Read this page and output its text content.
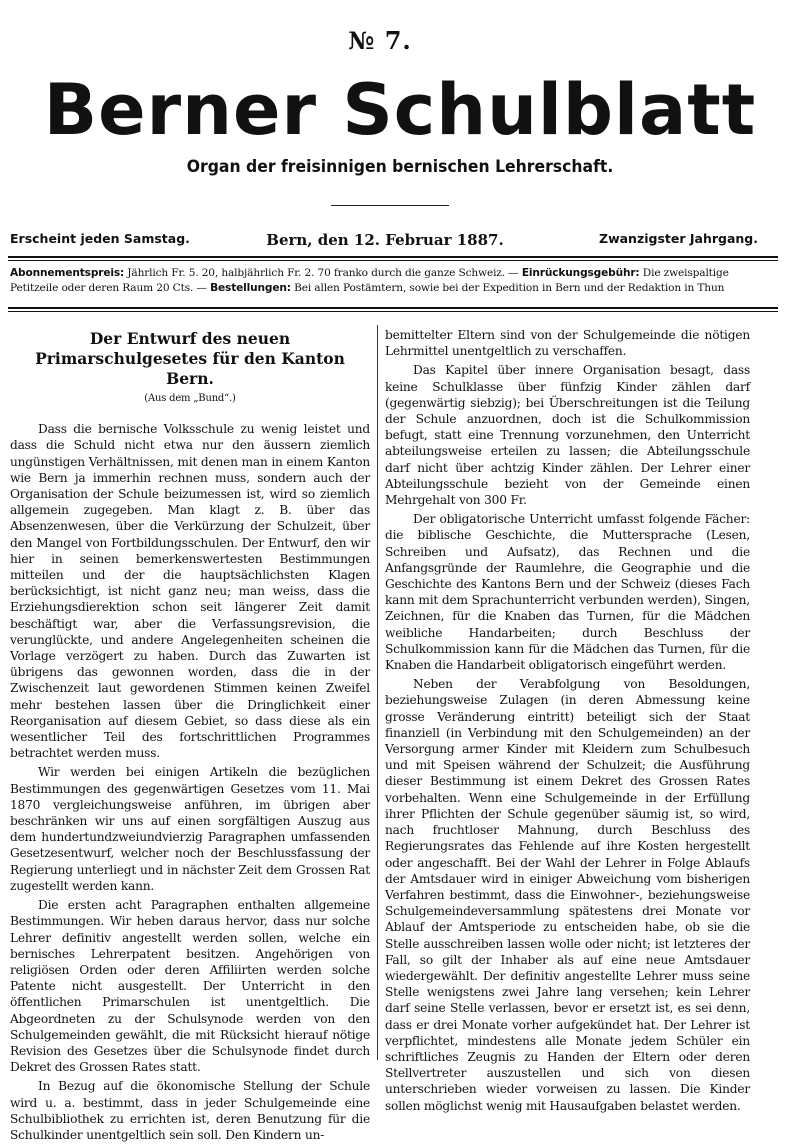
№ 7.
Berner Schulblatt
Organ der freisinnigen bernischen Lehrerschaft.
Erscheint jeden Samstag.	Bern, den 12. Februar 1887.	Zwanzigster Jahrgang.
Abonnementspreis: Jährlich Fr. 5. 20, halbjährlich Fr. 2. 70 franko durch die ganze Schweiz. — Einrückungsgebühr: Die zweispaltige
Petitzeile oder deren Raum 20 Cts. — Bestellungen: Bei allen Postämtern, sowie bei der Expedition in Bern und der Redaktion in Thun
Der Entwurf des neuen Primarschulgesetes für den Kanton Bern.
(Aus dem „Bund“.)

Dass die bernische Volksschule zu wenig leistet und dass die Schuld nicht etwa nur den äussern ziemlich ungünstigen Verhältnissen, mit denen man in einem Kanton wie Bern ja immerhin rechnen muss, sondern auch der Organisation der Schule beizumessen ist, wird so ziemlich allgemein zugegeben. Man klagt z. B. über das Absenzenwesen, über die Verkürzung der Schulzeit, über den Mangel von Fortbildungsschulen. Der Entwurf, den wir hier in seinen bemerkenswertesten Bestimmungen mitteilen und der die hauptsächlichsten Klagen berücksichtigt, ist nicht ganz neu; man weiss, dass die Erziehungsdierektion schon seit längerer Zeit damit beschäftigt war, aber die Verfassungsrevision, die verunglückte, und andere Angelegenheiten scheinen die Vorlage verzögert zu haben. Durch das Zuwarten ist übrigens das gewonnen worden, dass die in der Zwischenzeit laut gewordenen Stimmen keinen Zweifel mehr bestehen lassen über die Dringlichkeit einer Reorganisation auf diesem Gebiet, so dass diese als ein wesentlicher Teil des fortschrittlichen Programmes betrachtet werden muss.

Wir werden bei einigen Artikeln die bezüglichen Bestimmungen des gegenwärtigen Gesetzes vom 11. Mai 1870 vergleichungsweise anführen, im übrigen aber beschränken wir uns auf einen sorgfältigen Auszug aus dem hundertundzweiundvierzig Paragraphen umfassenden Gesetzesentwurf, welcher noch der Beschlussfassung der Regierung unterliegt und in nächster Zeit dem Grossen Rat zugestellt werden kann.

Die ersten acht Paragraphen enthalten allgemeine Bestimmungen. Wir heben daraus hervor, dass nur solche Lehrer definitiv angestellt werden sollen, welche ein bernisches Lehrerpatent besitzen. Angehörigen von religiösen Orden oder deren Affiliirten werden solche Patente nicht ausgestellt. Der Unterricht in den öffentlichen Primarschulen ist unentgeltlich. Die Abgeordneten zu der Schulsynode werden von den Schulgemeinden gewählt, die mit Rücksicht hierauf nötige Revision des Gesetzes über die Schulsynode findet durch Dekret des Grossen Rates statt.

In Bezug auf die ökonomische Stellung der Schule wird u. a. bestimmt, dass in jeder Schulgemeinde eine Schulbibliothek zu errichten ist, deren Benutzung für die Schulkinder unentgeltlich sein soll. Den Kindern un-

bemittelter Eltern sind von der Schulgemeinde die nötigen Lehrmittel unentgeltlich zu verschaffen.

Das Kapitel über innere Organisation besagt, dass keine Schulklasse über fünfzig Kinder zählen darf (gegenwärtig siebzig); bei Überschreitungen ist die Teilung der Schule anzuordnen, doch ist die Schulkommission befugt, statt eine Trennung vorzunehmen, den Unterricht abteilungsweise erteilen zu lassen; die Abteilungsschule darf nicht über achtzig Kinder zählen. Der Lehrer einer Abteilungsschule bezieht von der Gemeinde einen Mehrgehalt von 300 Fr.

Der obligatorische Unterricht umfasst folgende Fächer: die biblische Geschichte, die Muttersprache (Lesen, Schreiben und Aufsatz), das Rechnen und die Anfangsgründe der Raumlehre, die Geographie und die Geschichte des Kantons Bern und der Schweiz (dieses Fach kann mit dem Sprachunterricht verbunden werden), Singen, Zeichnen, für die Knaben das Turnen, für die Mädchen weibliche Handarbeiten; durch Beschluss der Schulkommission kann für die Mädchen das Turnen, für die Knaben die Handarbeit obligatorisch eingeführt werden.

Neben der Verabfolgung von Besoldungen, beziehungsweise Zulagen (in deren Abmessung keine grosse Veränderung eintritt) beteiligt sich der Staat finanziell (in Verbindung mit den Schulgemeinden) an der Versorgung armer Kinder mit Kleidern zum Schulbesuch und mit Speisen während der Schulzeit; die Ausführung dieser Bestimmung ist einem Dekret des Grossen Rates vorbehalten. Wenn eine Schulgemeinde in der Erfüllung ihrer Pflichten der Schule gegenüber säumig ist, so wird, nach fruchtloser Mahnung, durch Beschluss des Regierungsrates das Fehlende auf ihre Kosten hergestellt oder angeschafft. Bei der Wahl der Lehrer in Folge Ablaufs der Amtsdauer wird in einiger Abweichung vom bisherigen Verfahren bestimmt, dass die Einwohner-, beziehungsweise Schulgemeindeversammlung spätestens drei Monate vor Ablauf der Amtsperiode zu entscheiden habe, ob sie die Stelle ausschreiben lassen wolle oder nicht; ist letzteres der Fall, so gilt der Inhaber als auf eine neue Amtsdauer wiedergewählt. Der definitiv angestellte Lehrer muss seine Stelle wenigstens zwei Jahre lang versehen; kein Lehrer darf seine Stelle verlassen, bevor er ersetzt ist, es sei denn, dass er drei Monate vorher aufgekündet hat. Der Lehrer ist verpflichtet, mindestens alle Monate jedem Schüler ein schriftliches Zeugnis zu Handen der Eltern oder deren Stellvertreter auszustellen und sich von diesen unterschrieben wieder vorweisen zu lassen. Die Kinder sollen möglichst wenig mit Hausaufgaben belastet werden.
